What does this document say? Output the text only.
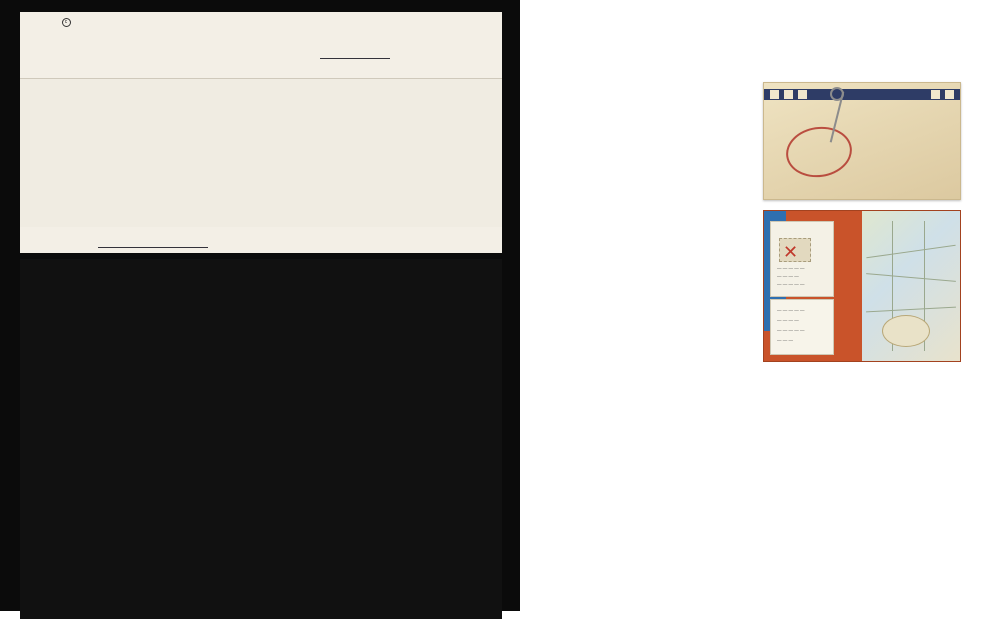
c
✕
— — — — —
— — — —
— — — — —
— — — — —
— — — —
— — — — —
— — —
